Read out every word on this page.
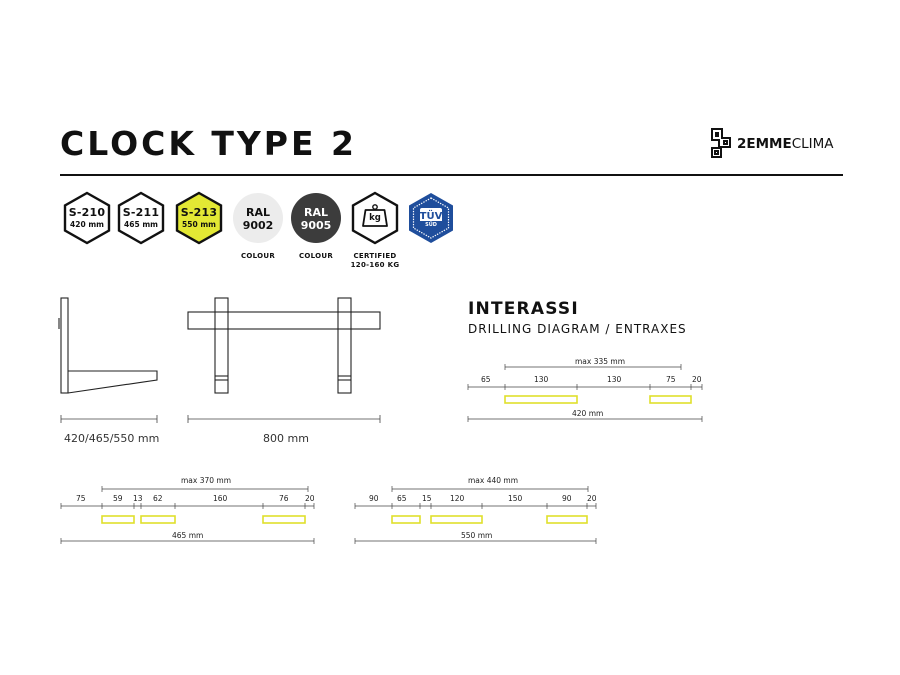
CLOCK TYPE 2	2EMMECLIMA
S-210
420 mm
S-211
465 mm
S-213
550 mm
RAL
9002
COLOUR
RAL
9005
COLOUR
kg
CERTIFIED
120-160 KG
TÜV
SÜD
420/465/550 mm	800 mm
INTERASSI
DRILLING DIAGRAM / ENTRAXES
max 335 mm
65	130	130	75 20
420 mm
max 370 mm
75	59 13 62	160	76 20
465 mm
max 440 mm
90 65 15 120	150	90 20
550 mm
